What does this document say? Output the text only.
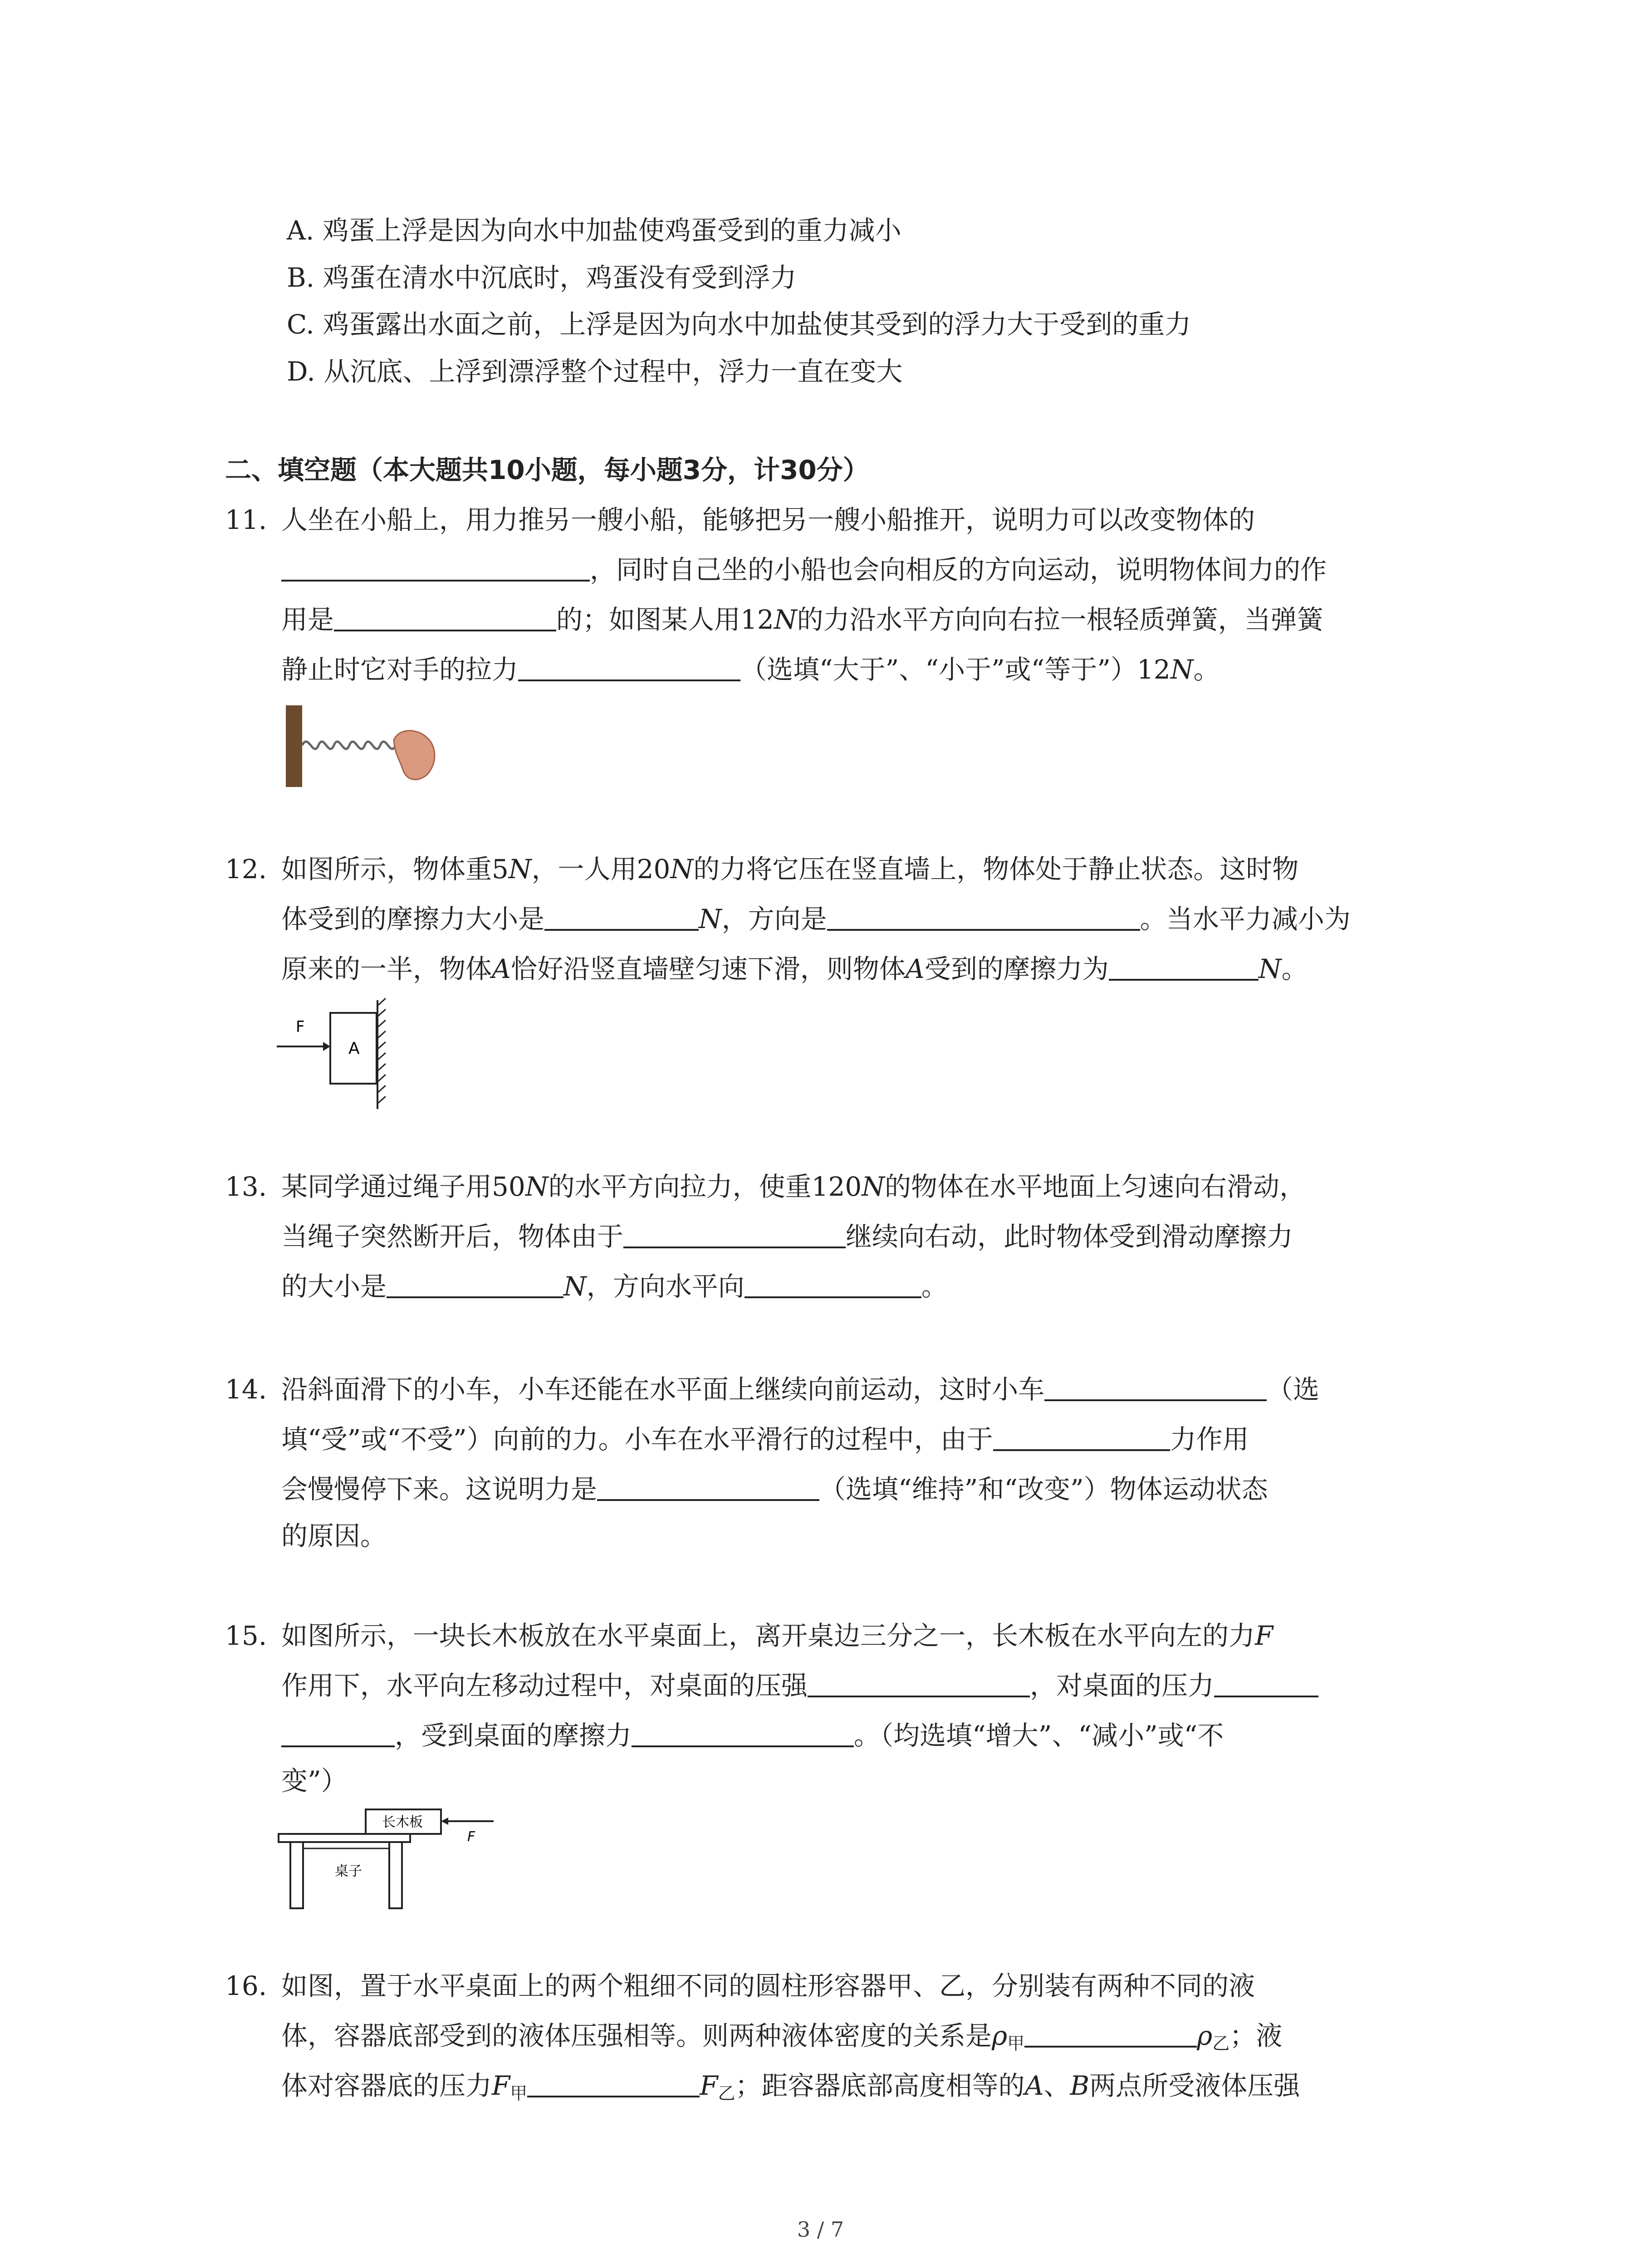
A. 鸡蛋上浮是因为向水中加盐使鸡蛋受到的重力减小
B. 鸡蛋在清水中沉底时，鸡蛋没有受到浮力
C. 鸡蛋露出水面之前，上浮是因为向水中加盐使其受到的浮力大于受到的重力
D. 从沉底、上浮到漂浮整个过程中，浮力一直在变大
二、填空题（本大题共10小题，每小题3分，计30分）
11. 人坐在小船上，用力推另一艘小船，能够把另一艘小船推开，说明力可以改变物体的
，同时自己坐的小船也会向相反的方向运动，说明物体间力的作
用是	的；如图某人用12N的力沿水平方向向右拉一根轻质弹簧，当弹簧
静止时它对手的拉力	（选填“大于”、“小于”或“等于”）12N。
12. 如图所示，物体重5N，一人用20N的力将它压在竖直墙上，物体处于静止状态。这时物
体受到的摩擦力大小是	N，方向是	。当水平力减小为
原来的一半，物体A恰好沿竖直墙壁匀速下滑，则物体A受到的摩擦力为	N。
F
A
13. 某同学通过绳子用50N的水平方向拉力，使重120N的物体在水平地面上匀速向右滑动，
当绳子突然断开后，物体由于	继续向右动，此时物体受到滑动摩擦力
的大小是	N，方向水平向	。
14. 沿斜面滑下的小车，小车还能在水平面上继续向前运动，这时小车	（选
填“受”或“不受”）向前的力。小车在水平滑行的过程中，由于	力作用
会慢慢停下来。这说明力是	（选填“维持”和“改变”）物体运动状态
的原因。
15. 如图所示，一块长木板放在水平桌面上，离开桌边三分之一，长木板在水平向左的力F
作用下，水平向左移动过程中，对桌面的压强	，对桌面的压力
，受到桌面的摩擦力	。（均选填“增大”、“减小”或“不
变”）
长木板
F
桌子
16. 如图，置于水平桌面上的两个粗细不同的圆柱形容器甲、乙，分别装有两种不同的液
体，容器底部受到的液体压强相等。则两种液体密度的关系是$\rho_甲$	$\rho_乙$；液
体对容器底的压力$F_甲$	$F_乙$；距容器底部高度相等的A、B两点所受液体压强
3 / 7
